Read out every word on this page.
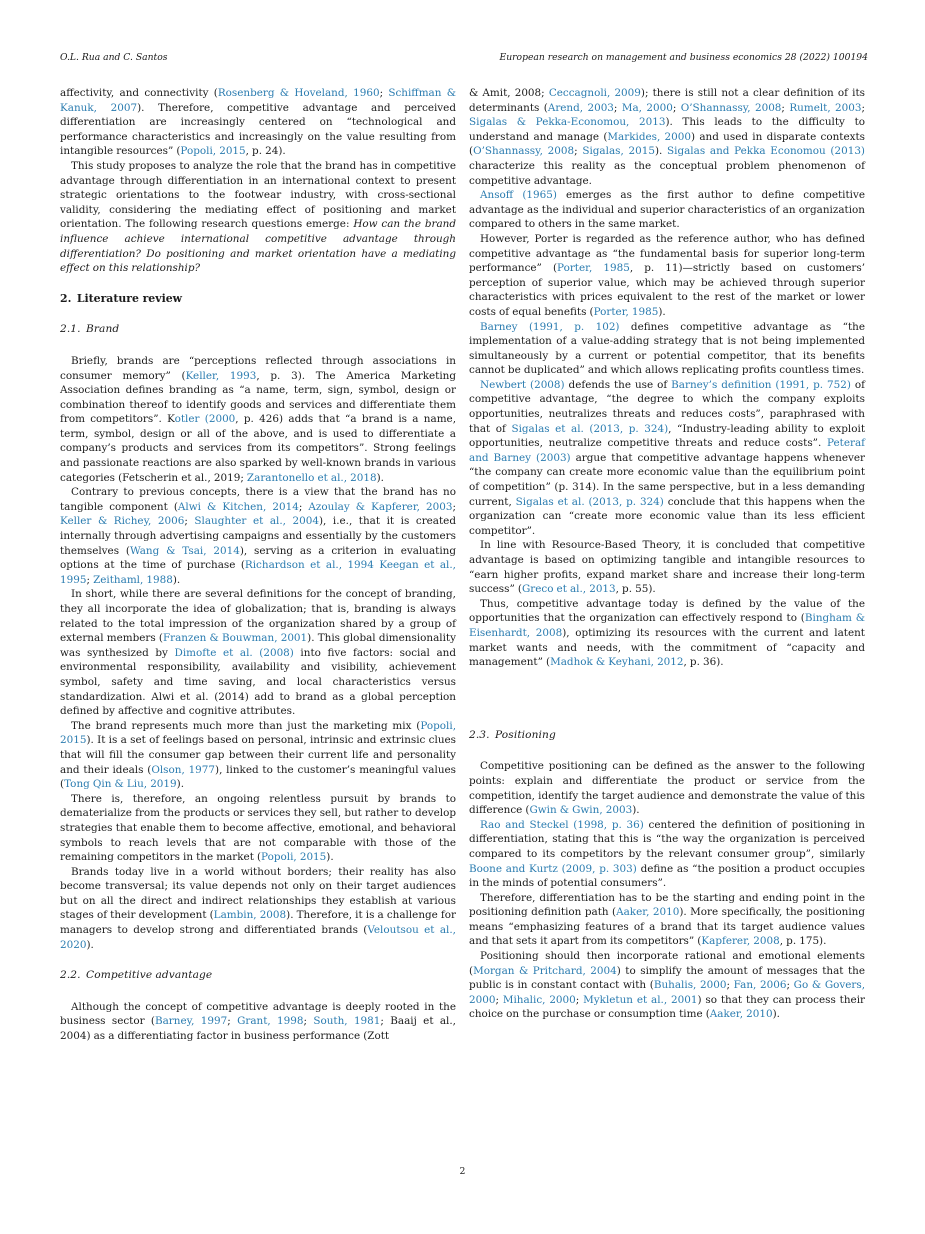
O.L. Rua and C. Santos	European research on management and business economics 28 (2022) 100194

affectivity, and connectivity (Rosenberg & Hoveland, 1960; Schiffman & Kanuk, 2007). Therefore, competitive advantage and perceived differentiation are increasingly centered on “technological and performance characteristics and increasingly on the value resulting from intangible resources” (Popoli, 2015, p. 24).

This study proposes to analyze the role that the brand has in competitive advantage through differentiation in an international context to present strategic orientations to the footwear industry, with cross-sectional validity, considering the mediating effect of positioning and market orientation. The following research questions emerge: How can the brand influence achieve international competitive advantage through differentiation? Do positioning and market orientation have a mediating effect on this relationship?

2. Literature review
2.1. Brand

Briefly, brands are “perceptions reflected through associations in consumer memory” (Keller, 1993, p. 3). The America Marketing Association defines branding as “a name, term, sign, symbol, design or combination thereof to identify goods and services and differentiate them from competitors”. Kotler (2000, p. 426) adds that “a brand is a name, term, symbol, design or all of the above, and is used to differentiate a company’s products and services from its competitors”. Strong feelings and passionate reactions are also sparked by well-known brands in various categories (Fetscherin et al., 2019; Zarantonello et al., 2018).

Contrary to previous concepts, there is a view that the brand has no tangible component (Alwi & Kitchen, 2014; Azoulay & Kapferer, 2003; Keller & Richey, 2006; Slaughter et al., 2004), i.e., that it is created internally through advertising campaigns and essentially by the customers themselves (Wang & Tsai, 2014), serving as a criterion in evaluating options at the time of purchase (Richardson et al., 1994 Keegan et al., 1995; Zeithaml, 1988).

In short, while there are several definitions for the concept of branding, they all incorporate the idea of globalization; that is, branding is always related to the total impression of the organization shared by a group of external members (Franzen & Bouwman, 2001). This global dimensionality was synthesized by Dimofte et al. (2008) into five factors: social and environmental responsibility, availability and visibility, achievement symbol, safety and time saving, and local characteristics versus standardization. Alwi et al. (2014) add to brand as a global perception defined by affective and cognitive attributes.

The brand represents much more than just the marketing mix (Popoli, 2015). It is a set of feelings based on personal, intrinsic and extrinsic clues that will fill the consumer gap between their current life and personality and their ideals (Olson, 1977), linked to the customer’s meaningful values (Tong Qin & Liu, 2019).

There is, therefore, an ongoing relentless pursuit by brands to dematerialize from the products or services they sell, but rather to develop strategies that enable them to become affective, emotional, and behavioral symbols to reach levels that are not comparable with those of the remaining competitors in the market (Popoli, 2015).

Brands today live in a world without borders; their reality has also become transversal; its value depends not only on their target audiences but on all the direct and indirect relationships they establish at various stages of their development (Lambin, 2008). Therefore, it is a challenge for managers to develop strong and differentiated brands (Veloutsou et al., 2020).

2.2. Competitive advantage

Although the concept of competitive advantage is deeply rooted in the business sector (Barney, 1997; Grant, 1998; South, 1981; Baaij et al., 2004) as a differentiating factor in business performance (Zott

& Amit, 2008; Ceccagnoli, 2009); there is still not a clear definition of its determinants (Arend, 2003; Ma, 2000; O’Shannassy, 2008; Rumelt, 2003; Sigalas & Pekka-Economou, 2013). This leads to the difficulty to understand and manage (Markides, 2000) and used in disparate contexts (O’Shannassy, 2008; Sigalas, 2015). Sigalas and Pekka Economou (2013) characterize this reality as the conceptual problem phenomenon of competitive advantage.

Ansoff (1965) emerges as the first author to define competitive advantage as the individual and superior characteristics of an organization compared to others in the same market.

However, Porter is regarded as the reference author, who has defined competitive advantage as “the fundamental basis for superior long-term performance” (Porter, 1985, p. 11)—strictly based on customers’ perception of superior value, which may be achieved through superior characteristics with prices equivalent to the rest of the market or lower costs of equal benefits (Porter, 1985).

Barney (1991, p. 102) defines competitive advantage as “the implementation of a value-adding strategy that is not being implemented simultaneously by a current or potential competitor, that its benefits cannot be duplicated” and which allows replicating profits countless times.

Newbert (2008) defends the use of Barney’s definition (1991, p. 752) of competitive advantage, “the degree to which the company exploits opportunities, neutralizes threats and reduces costs”, paraphrased with that of Sigalas et al. (2013, p. 324), “Industry-leading ability to exploit opportunities, neutralize competitive threats and reduce costs”. Peteraf and Barney (2003) argue that competitive advantage happens whenever “the company can create more economic value than the equilibrium point of competition” (p. 314). In the same perspective, but in a less demanding current, Sigalas et al. (2013, p. 324) conclude that this happens when the organization can “create more economic value than its less efficient competitor”.

In line with Resource-Based Theory, it is concluded that competitive advantage is based on optimizing tangible and intangible resources to “earn higher profits, expand market share and increase their long-term success” (Greco et al., 2013, p. 55).

Thus, competitive advantage today is defined by the value of the opportunities that the organization can effectively respond to (Bingham & Eisenhardt, 2008), optimizing its resources with the current and latent market wants and needs, with the commitment of “capacity and management” (Madhok & Keyhani, 2012, p. 36).

2.3. Positioning

Competitive positioning can be defined as the answer to the following points: explain and differentiate the product or service from the competition, identify the target audience and demonstrate the value of this difference (Gwin & Gwin, 2003).

Rao and Steckel (1998, p. 36) centered the definition of positioning in differentiation, stating that this is “the way the organization is perceived compared to its competitors by the relevant consumer group”, similarly Boone and Kurtz (2009, p. 303) define as “the position a product occupies in the minds of potential consumers”.

Therefore, differentiation has to be the starting and ending point in the positioning definition path (Aaker, 2010). More specifically, the positioning means “emphasizing features of a brand that its target audience values and that sets it apart from its competitors” (Kapferer, 2008, p. 175).

Positioning should then incorporate rational and emotional elements (Morgan & Pritchard, 2004) to simplify the amount of messages that the public is in constant contact with (Buhalis, 2000; Fan, 2006; Go & Govers, 2000; Mihalic, 2000; Mykletun et al., 2001) so that they can process their choice on the purchase or consumption time (Aaker, 2010).

2
